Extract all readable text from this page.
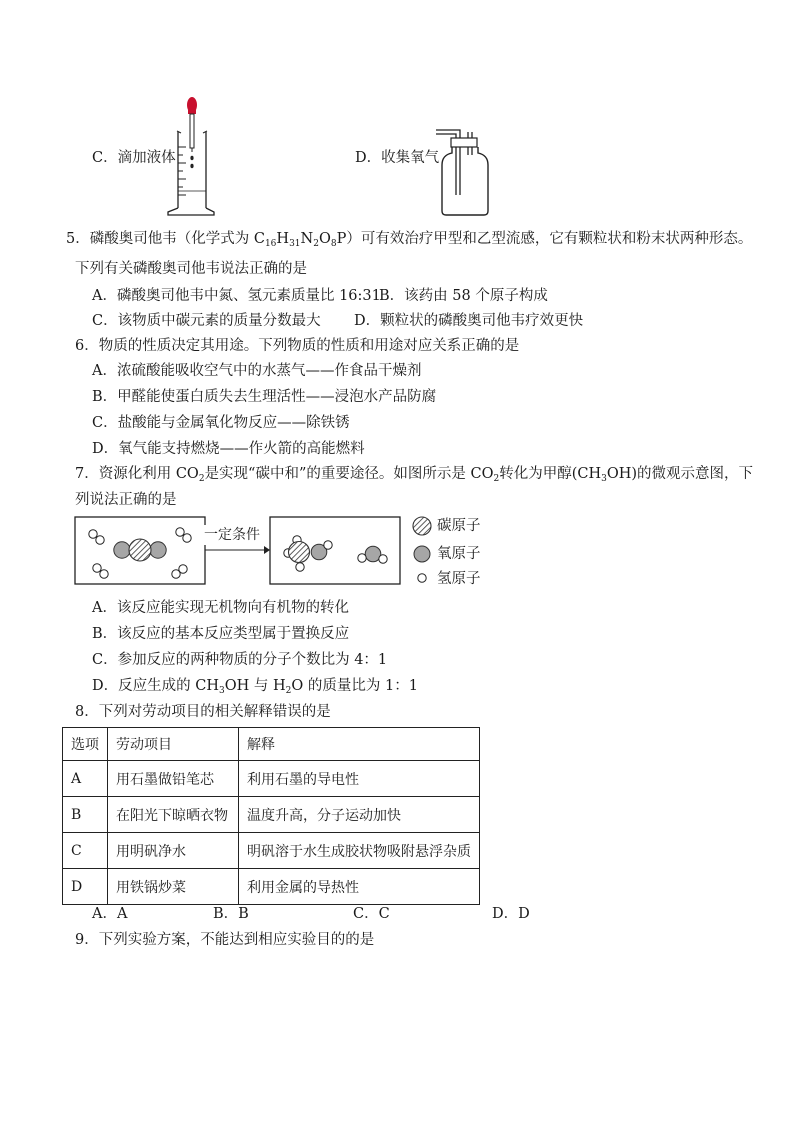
C．滴加液体	D．收集氧气
5．磷酸奥司他韦（化学式为 $C_{16}H_{31}N_2O_8P$）可有效治疗甲型和乙型流感，它有颗粒状和粉末状两种形态。
下列有关磷酸奥司他韦说法正确的是
A．磷酸奥司他韦中氮、氢元素质量比 16:31
B．该药由 58 个原子构成
C．该物质中碳元素的质量分数最大 D．颗粒状的磷酸奥司他韦疗效更快
6．物质的性质决定其用途。下列物质的性质和用途对应关系正确的是
A．浓硫酸能吸收空气中的水蒸气——作食品干燥剂
B．甲醛能使蛋白质失去生理活性——浸泡水产品防腐
C．盐酸能与金属氧化物反应——除铁锈
D．氧气能支持燃烧——作火箭的高能燃料
7．资源化利用 $CO_2$是实现“碳中和”的重要途径。如图所示是 $CO_2$转化为甲醇$(CH_3OH)$的微观示意图，下
列说法正确的是
一定条件
碳原子
氧原子
氢原子
A．该反应能实现无机物向有机物的转化
B．该反应的基本反应类型属于置换反应
C．参加反应的两种物质的分子个数比为 4：1
D．反应生成的 $CH_3OH$ 与 $H_2O$ 的质量比为 1：1
8．下列对劳动项目的相关解释错误的是
选项	劳动项目	解释
A	用石墨做铅笔芯	利用石墨的导电性
B	在阳光下晾晒衣物	温度升高，分子运动加快
C	用明矾净水	明矾溶于水生成胶状物吸附悬浮杂质
D	用铁锅炒菜	利用金属的导热性
A．A	B．B	C．C	D．D
9．下列实验方案，不能达到相应实验目的的是
